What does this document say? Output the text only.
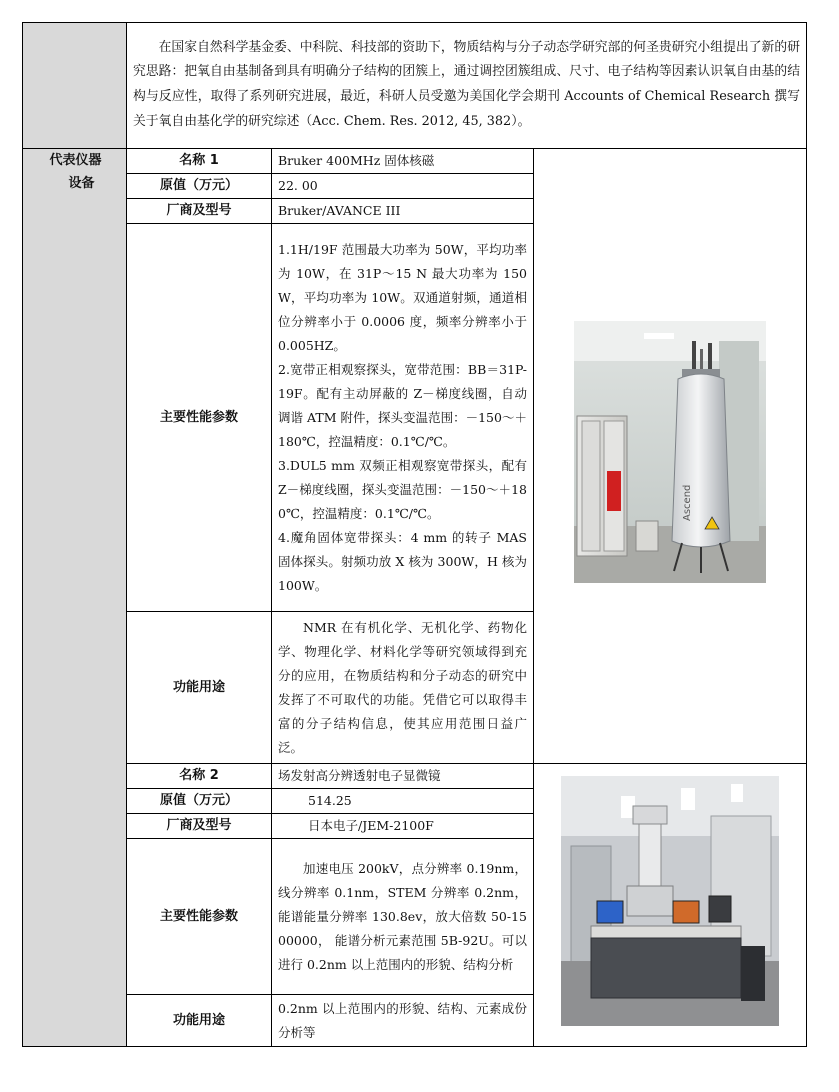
	在国家自然科学基金委、中科院、科技部的资助下，物质结构与分子动态学研究部的何圣贵研究小组提出了新的研究思路：把氧自由基制备到具有明确分子结构的团簇上，通过调控团簇组成、尺寸、电子结构等因素认识氧自由基的结构与反应性，取得了系列研究进展，最近，科研人员受邀为美国化学会期刊 Accounts of Chemical Research 撰写关于氧自由基化学的研究综述（Acc. Chem. Res. 2012, 45, 382）。		

代表仪器
设备	名称 1	Bruker 400MHz 固体核磁	Ascend

	原值（万元）	22. 00	
	厂商及型号	Bruker/AVANCE III	
	主要性能参数	1.1H/19F 范围最大功率为 50W，平均功率为 10W，在 31P～15 N 最大功率为 150 W，平均功率为 10W。双通道射频，通道相位分辨率小于 0.0006 度，频率分辨率小于 0.005HZ。
2.宽带正相观察探头，宽带范围：BB＝31P- 19F。配有主动屏蔽的 Z－梯度线圈，自动调谐 ATM 附件，探头变温范围：－150～＋180℃，控温精度：0.1℃/℃。
3.DUL5 mm 双频正相观察宽带探头，配有 Z－梯度线圈，探头变温范围：－150～＋180℃，控温精度：0.1℃/℃。
4.魔角固体宽带探头：4 mm 的转子 MAS 固体探头。射频功放 X 核为 300W，H 核为 100W。	

	功能用途	NMR 在有机化学、无机化学、药物化学、物理化学、材料化学等研究领域得到充分的应用，在物质结构和分子动态的研究中发挥了不可取代的功能。凭借它可以取得丰富的分子结构信息，使其应用范围日益广泛。	
	名称 2	场发射高分辨透射电子显微镜	

	原值（万元）	514.25	
	厂商及型号	日本电子/JEM-2100F	
	主要性能参数	加速电压 200kV，点分辨率 0.19nm，线分辨率 0.1nm，STEM 分辨率 0.2nm，能谱能量分辨率 130.8ev，放大倍数 50-1500000， 能谱分析元素范围 5B-92U。可以进行 0.2nm 以上范围内的形貌、结构分析	
	功能用途	0.2nm 以上范围内的形貌、结构、元素成份分析等	
